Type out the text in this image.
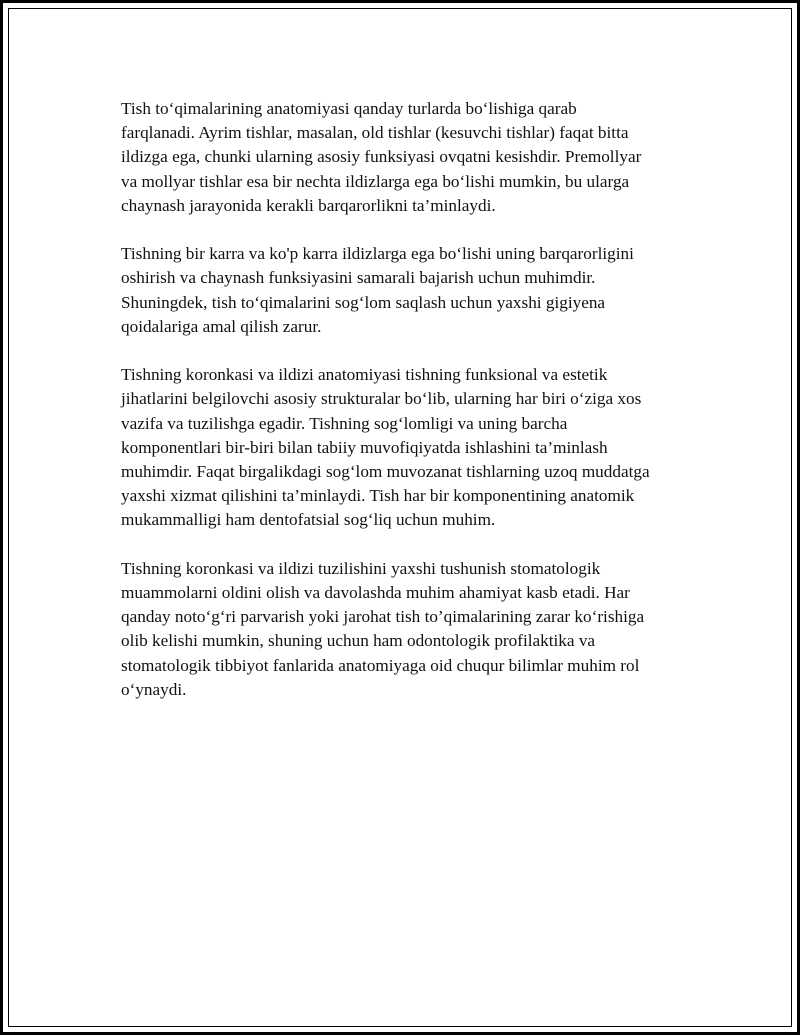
Tish to‘qimalarining anatomiyasi qanday turlarda bo‘lishiga qarab
farqlanadi. Ayrim tishlar, masalan, old tishlar (kesuvchi tishlar) faqat bitta
ildizga ega, chunki ularning asosiy funksiyasi ovqatni kesishdir. Premollyar
va mollyar tishlar esa bir nechta ildizlarga ega bo‘lishi mumkin, bu ularga
chaynash jarayonida kerakli barqarorlikni ta’minlaydi.

Tishning bir karra va ko'p karra ildizlarga ega bo‘lishi uning barqarorligini
oshirish va chaynash funksiyasini samarali bajarish uchun muhimdir.
Shuningdek, tish to‘qimalarini sog‘lom saqlash uchun yaxshi gigiyena
qoidalariga amal qilish zarur.

Tishning koronkasi va ildizi anatomiyasi tishning funksional va estetik
jihatlarini belgilovchi asosiy strukturalar bo‘lib, ularning har biri o‘ziga xos
vazifa va tuzilishga egadir. Tishning sog‘lomligi va uning barcha
komponentlari bir-biri bilan tabiiy muvofiqiyatda ishlashini ta’minlash
muhimdir. Faqat birgalikdagi sog‘lom muvozanat tishlarning uzoq muddatga
yaxshi xizmat qilishini ta’minlaydi. Tish har bir komponentining anatomik
mukammalligi ham dentofatsial sog‘liq uchun muhim.

Tishning koronkasi va ildizi tuzilishini yaxshi tushunish stomatologik
muammolarni oldini olish va davolashda muhim ahamiyat kasb etadi. Har
qanday noto‘g‘ri parvarish yoki jarohat tish to’qimalarining zarar ko‘rishiga
olib kelishi mumkin, shuning uchun ham odontologik profilaktika va
stomatologik tibbiyot fanlarida anatomiyaga oid chuqur bilimlar muhim rol
o‘ynaydi.
